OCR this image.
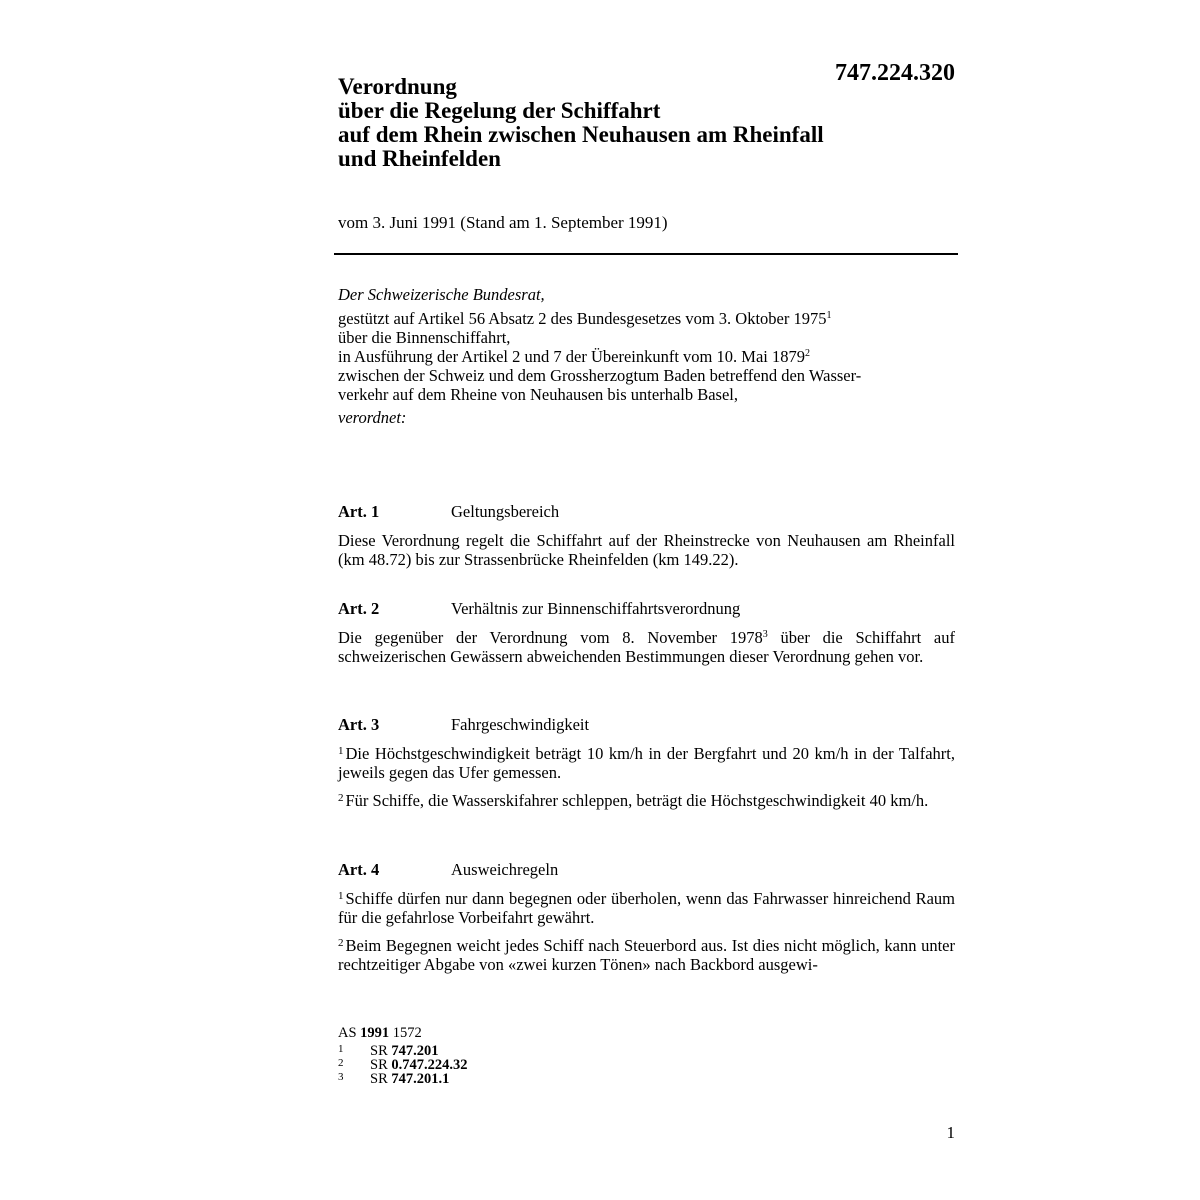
747.224.320
Verordnung
über die Regelung der Schiffahrt
auf dem Rhein zwischen Neuhausen am Rheinfall
und Rheinfelden
vom 3. Juni 1991 (Stand am 1. September 1991)
Der Schweizerische Bundesrat,
gestützt auf Artikel 56 Absatz 2 des Bundesgesetzes vom 3. Oktober 1975$^1$
über die Binnenschiffahrt,
in Ausführung der Artikel 2 und 7 der Übereinkunft vom 10. Mai 1879$^2$
zwischen der Schweiz und dem Grossherzogtum Baden betreffend den Wasser-
verkehr auf dem Rheine von Neuhausen bis unterhalb Basel,
verordnet:
Art. 1	Geltungsbereich
Diese Verordnung regelt die Schiffahrt auf der Rheinstrecke von Neuhausen am Rheinfall (km 48.72) bis zur Strassenbrücke Rheinfelden (km 149.22).
Art. 2	Verhältnis zur Binnenschiffahrtsverordnung
Die gegenüber der Verordnung vom 8. November 1978$^3$ über die Schiffahrt auf schweizerischen Gewässern abweichenden Bestimmungen dieser Verordnung gehen vor.
Art. 3	Fahrgeschwindigkeit
$^1$ Die Höchstgeschwindigkeit beträgt 10 km/h in der Bergfahrt und 20 km/h in der Talfahrt, jeweils gegen das Ufer gemessen.
$^2$ Für Schiffe, die Wasserskifahrer schleppen, beträgt die Höchstgeschwindigkeit 40 km/h.
Art. 4	Ausweichregeln
$^1$ Schiffe dürfen nur dann begegnen oder überholen, wenn das Fahrwasser hinreichend Raum für die gefahrlose Vorbeifahrt gewährt.
$^2$ Beim Begegnen weicht jedes Schiff nach Steuerbord aus. Ist dies nicht möglich, kann unter rechtzeitiger Abgabe von «zwei kurzen Tönen» nach Backbord ausgewi-
AS 1991 1572
1	SR 747.201
2	SR 0.747.224.32
3	SR 747.201.1
1
